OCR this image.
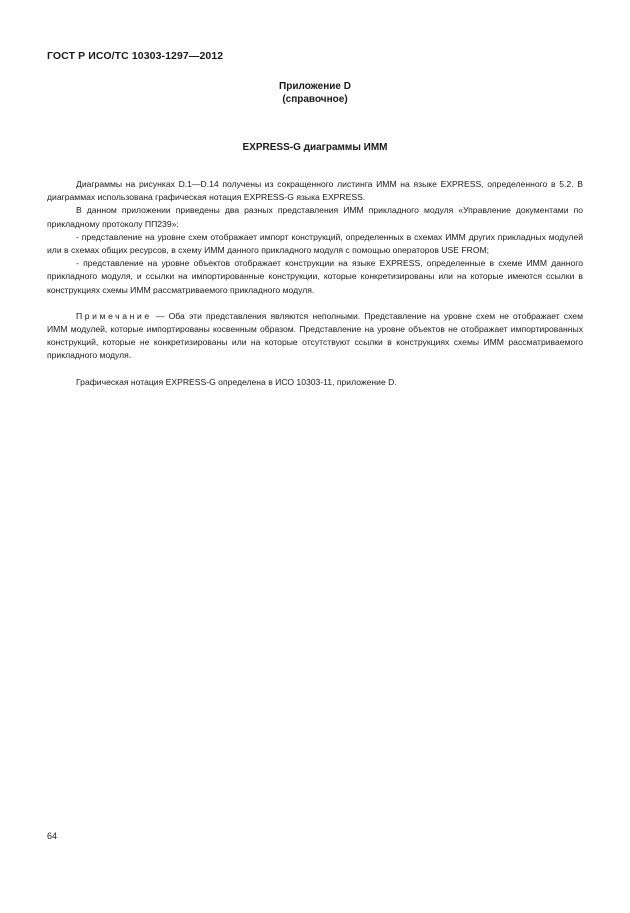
ГОСТ Р ИСО/ТС 10303-1297—2012
Приложение D
(справочное)
EXPRESS-G диаграммы ИММ

Диаграммы на рисунках D.1—D.14 получены из сокращенного листинга ИММ на языке EXPRESS, определенного в 5.2. В диаграммах использована графическая нотация EXPRESS-G языка EXPRESS.

В данном приложении приведены два разных представления ИММ прикладного модуля «Управление документами по прикладному протоколу ПП239»:

- представление на уровне схем отображает импорт конструкций, определенных в схемах ИММ других прикладных модулей или в схемах общих ресурсов, в схему ИММ данного прикладного модуля с помощью операторов USE FROM;

- представление на уровне объектов отображает конструкции на языке EXPRESS, определенные в схеме ИММ данного прикладного модуля, и ссылки на импортированные конструкции, которые конкретизированы или на которые имеются ссылки в конструкциях схемы ИММ рассматриваемого прикладного модуля.

Примечание — Оба эти представления являются неполными. Представление на уровне схем не отображает схем ИММ модулей, которые импортированы косвенным образом. Представление на уровне объектов не отображает импортированных конструкций, которые не конкретизированы или на которые отсутствуют ссылки в конструкциях схемы ИММ рассматриваемого прикладного модуля.

Графическая нотация EXPRESS-G определена в ИСО 10303-11, приложение D.

64
